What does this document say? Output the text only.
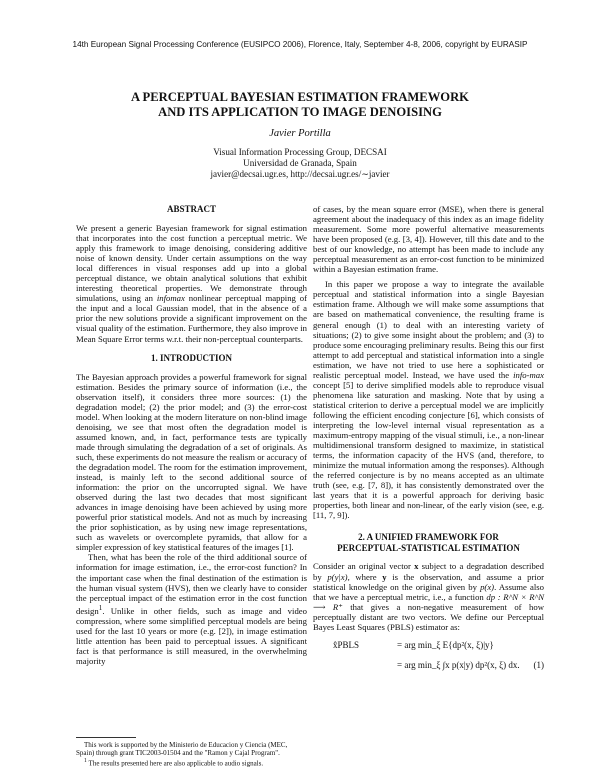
14th European Signal Processing Conference (EUSIPCO 2006), Florence, Italy, September 4-8, 2006, copyright by EURASIP
A PERCEPTUAL BAYESIAN ESTIMATION FRAMEWORK
AND ITS APPLICATION TO IMAGE DENOISING
Javier Portilla
Visual Information Processing Group, DECSAI
Universidad de Granada, Spain
javier@decsai.ugr.es, http://decsai.ugr.es/∼javier
ABSTRACT

We present a generic Bayesian framework for signal estimation that incorporates into the cost function a perceptual metric. We apply this framework to image denoising, considering additive noise of known density. Under certain assumptions on the way local differences in visual responses add up into a global perceptual distance, we obtain analytical solutions that exhibit interesting theoretical properties. We demonstrate through simulations, using an infomax nonlinear perceptual mapping of the input and a local Gaussian model, that in the absence of a prior the new solutions provide a significant improvement on the visual quality of the estimation. Furthermore, they also improve in Mean Square Error terms w.r.t. their non-perceptual counterparts.

1. INTRODUCTION

The Bayesian approach provides a powerful framework for signal estimation. Besides the primary source of information (i.e., the observation itself), it considers three more sources: (1) the degradation model; (2) the prior model; and (3) the error-cost model. When looking at the modern literature on non-blind image denoising, we see that most often the degradation model is assumed known, and, in fact, performance tests are typically made through simulating the degradation of a set of originals. As such, these experiments do not measure the realism or accuracy of the degradation model. The room for the estimation improvement, instead, is mainly left to the second additional source of information: the prior on the uncorrupted signal. We have observed during the last two decades that most significant advances in image denoising have been achieved by using more powerful prior statistical models. And not as much by increasing the prior sophistication, as by using new image representations, such as wavelets or overcomplete pyramids, that allow for a simpler expression of key statistical features of the images [1].

Then, what has been the role of the third additional source of information for image estimation, i.e., the error-cost function? In the important case when the final destination of the estimation is the human visual system (HVS), then we clearly have to consider the perceptual impact of the estimation error in the cost function design$^1$. Unlike in other fields, such as image and video compression, where some simplified perceptual models are being used for the last 10 years or more (e.g. [2]), in image estimation little attention has been paid to perceptual issues. A significant fact is that performance is still measured, in the overwhelming majority

of cases, by the mean square error (MSE), when there is general agreement about the inadequacy of this index as an image fidelity measurement. Some more powerful alternative measurements have been proposed (e.g. [3, 4]). However, till this date and to the best of our knowledge, no attempt has been made to include any perceptual measurement as an error-cost function to be minimized within a Bayesian estimation frame.

In this paper we propose a way to integrate the available perceptual and statistical information into a single Bayesian estimation frame. Although we will make some assumptions that are based on mathematical convenience, the resulting frame is general enough (1) to deal with an interesting variety of situations; (2) to give some insight about the problem; and (3) to produce some encouraging preliminary results. Being this our first attempt to add perceptual and statistical information into a single estimation, we have not tried to use here a sophisticated or realistic perceptual model. Instead, we have used the info-max concept [5] to derive simplified models able to reproduce visual phenomena like saturation and masking. Note that by using a statistical criterion to derive a perceptual model we are implicitly following the efficient encoding conjecture [6], which consists of interpreting the low-level internal visual representation as a maximum-entropy mapping of the visual stimuli, i.e., a non-linear multidimensional transform designed to maximize, in statistical terms, the information capacity of the HVS (and, therefore, to minimize the mutual information among the responses). Although the referred conjecture is by no means accepted as an ultimate truth (see, e.g. [7, 8]), it has consistently demonstrated over the last years that it is a powerful approach for deriving basic properties, both linear and non-linear, of the early vision (see, e.g. [11, 7, 9]).

2. A UNIFIED FRAMEWORK FOR
PERCEPTUAL-STATISTICAL ESTIMATION

Consider an original vector x subject to a degradation described by p(y|x), where y is the observation, and assume a prior statistical knowledge on the original given by p(x). Assume also that we have a perceptual metric, i.e., a function dp : R^N × R^N ⟶ R⁺ that gives a non-negative measurement of how perceptually distant are two vectors. We define our Perceptual Bayes Least Squares (PBLS) estimator as:

x̂PBLS	= arg min_ξ E{dp²(x, ξ)|y}
= arg min_ξ ∫x p(x|y) dp²(x, ξ) dx. (1)
This work is supported by the Ministerio de Educacion y Ciencia (MEC, Spain) through grant TIC2003-01504 and the "Ramon y Cajal Program".
$^1$ The results presented here are also applicable to audio signals.
